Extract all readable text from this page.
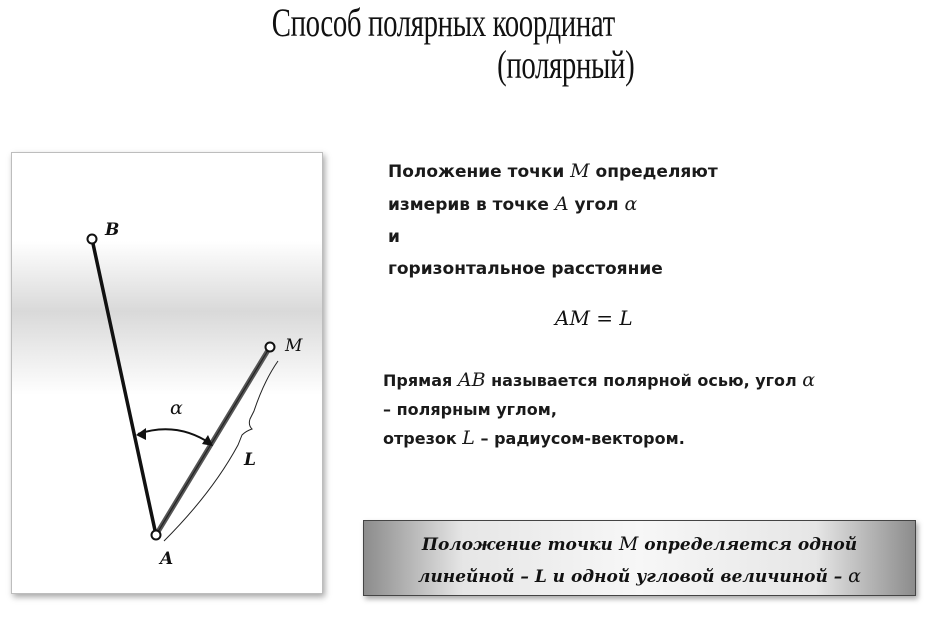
Способ полярных координат
(полярный)
B
M
A
α
L
Положение точки M определяют
измерив в точке A угол α
и
горизонтальное расстояние
AM = L
Прямая AB называется полярной осью, угол α
– полярным углом,
отрезок L – радиусом-вектором.
Положение точки M определяется одной
линейной – L и одной угловой величиной – α
